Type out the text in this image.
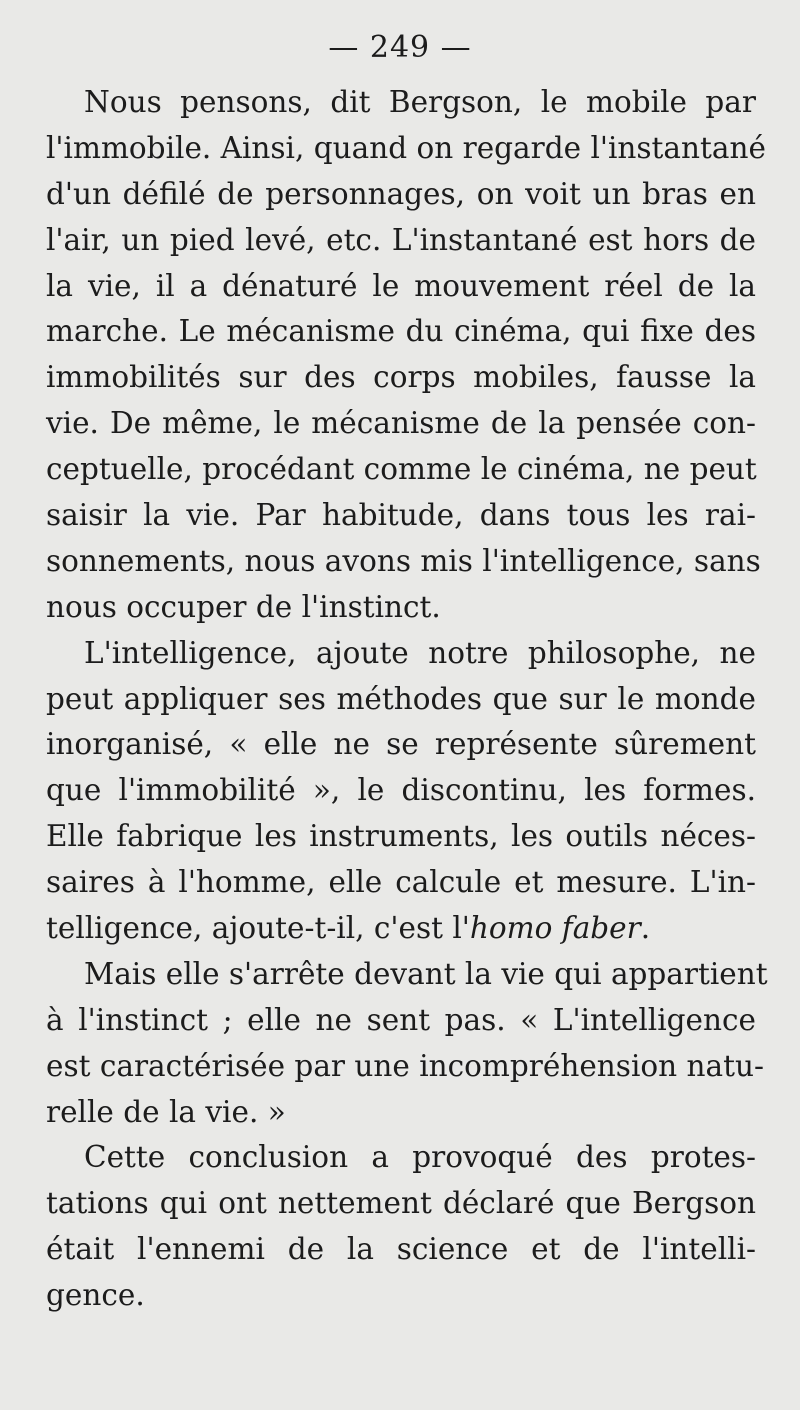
— 249 —
Nous pensons, dit Bergson, le mobile par
l'immobile. Ainsi, quand on regarde l'instantané
d'un défilé de personnages, on voit un bras en
l'air, un pied levé, etc. L'instantané est hors de
la vie, il a dénaturé le mouvement réel de la
marche. Le mécanisme du cinéma, qui fixe des
immobilités sur des corps mobiles, fausse la
vie. De même, le mécanisme de la pensée con-
ceptuelle, procédant comme le cinéma, ne peut
saisir la vie. Par habitude, dans tous les rai-
sonnements, nous avons mis l'intelligence, sans
nous occuper de l'instinct.
L'intelligence, ajoute notre philosophe, ne
peut appliquer ses méthodes que sur le monde
inorganisé, « elle ne se représente sûrement
que l'immobilité », le discontinu, les formes.
Elle fabrique les instruments, les outils néces-
saires à l'homme, elle calcule et mesure. L'in-
telligence, ajoute-t-il, c'est l'homo faber.
Mais elle s'arrête devant la vie qui appartient
à l'instinct ; elle ne sent pas. « L'intelligence
est caractérisée par une incompréhension natu-
relle de la vie. »
Cette conclusion a provoqué des protes-
tations qui ont nettement déclaré que Bergson
était l'ennemi de la science et de l'intelli-
gence.
